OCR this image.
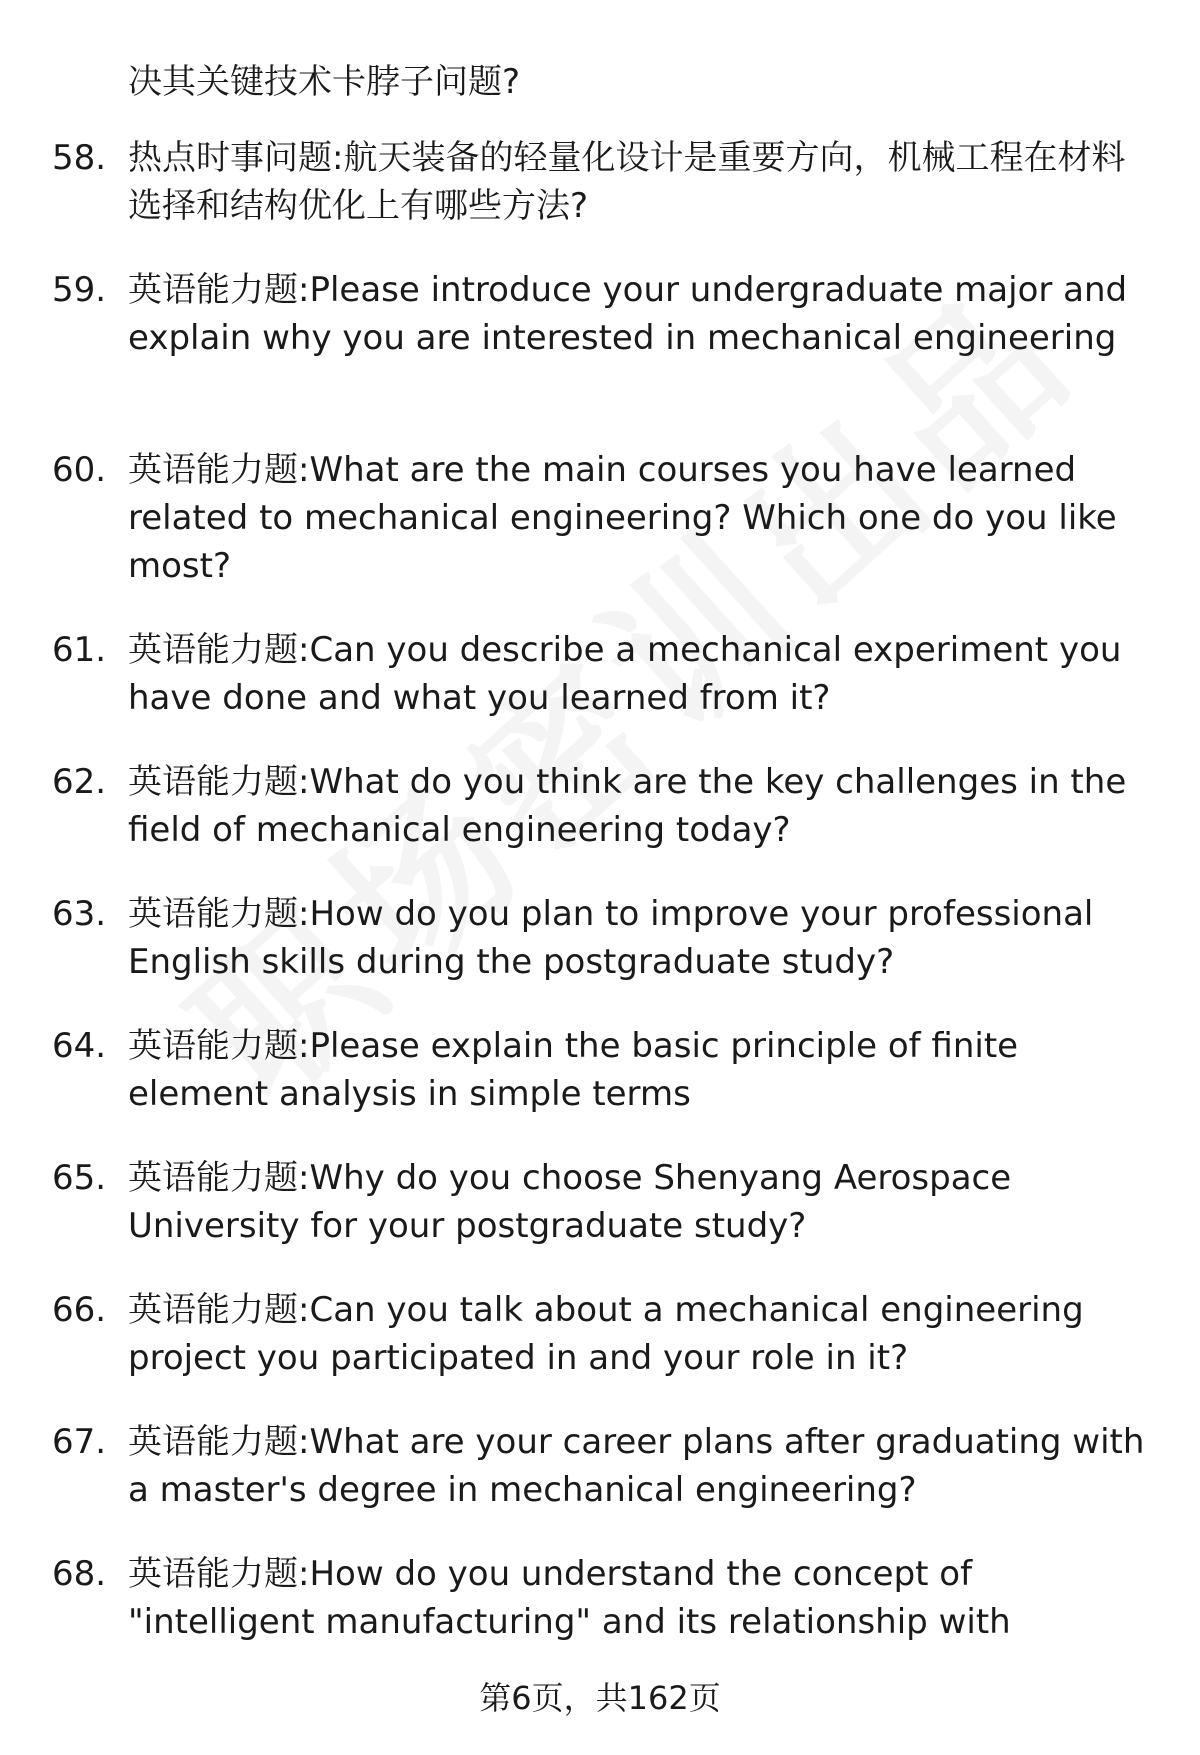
决其关键技术卡脖子问题?
58. 热点时事问题:航天装备的轻量化设计是重要方向，机械工程在材料选择和结构优化上有哪些方法?
59. 英语能力题:Please introduce your undergraduate major and explain why you are interested in mechanical engineering
60. 英语能力题:What are the main courses you have learned related to mechanical engineering? Which one do you like most?
61. 英语能力题:Can you describe a mechanical experiment you have done and what you learned from it?
62. 英语能力题:What do you think are the key challenges in the field of mechanical engineering today?
63. 英语能力题:How do you plan to improve your professional English skills during the postgraduate study?
64. 英语能力题:Please explain the basic principle of finite element analysis in simple terms
65. 英语能力题:Why do you choose Shenyang Aerospace University for your postgraduate study?
66. 英语能力题:Can you talk about a mechanical engineering project you participated in and your role in it?
67. 英语能力题:What are your career plans after graduating with a master's degree in mechanical engineering?
68. 英语能力题:How do you understand the concept of "intelligent manufacturing" and its relationship with
第6页，共162页
